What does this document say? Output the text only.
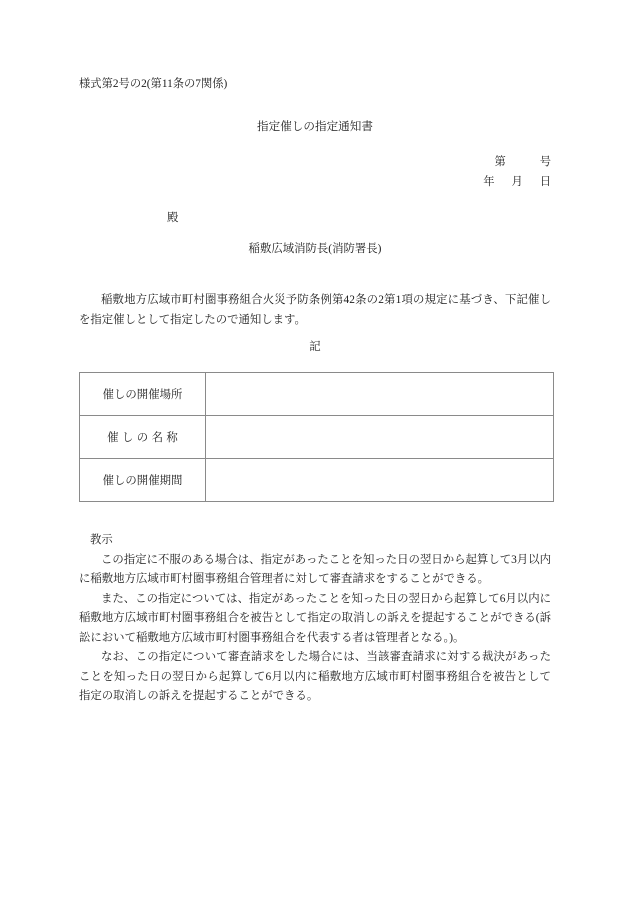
様式第2号の2(第11条の7関係)
指定催しの指定通知書
第            号
年      月      日
殿
稲敷広域消防長(消防署長)
稲敷地方広域市町村圏事務組合火災予防条例第42条の2第1項の規定に基づき、下記催しを指定催しとして指定したので通知します。
記
催しの開催場所	
催しの名称	
催しの開催期間	

教示

この指定に不服のある場合は、指定があったことを知った日の翌日から起算して3月以内に稲敷地方広域市町村圏事務組合管理者に対して審査請求をすることができる。

また、この指定については、指定があったことを知った日の翌日から起算して6月以内に稲敷地方広域市町村圏事務組合を被告として指定の取消しの訴えを提起することができる(訴訟において稲敷地方広域市町村圏事務組合を代表する者は管理者となる。)。

なお、この指定について審査請求をした場合には、当該審査請求に対する裁決があったことを知った日の翌日から起算して6月以内に稲敷地方広域市町村圏事務組合を被告として指定の取消しの訴えを提起することができる。
